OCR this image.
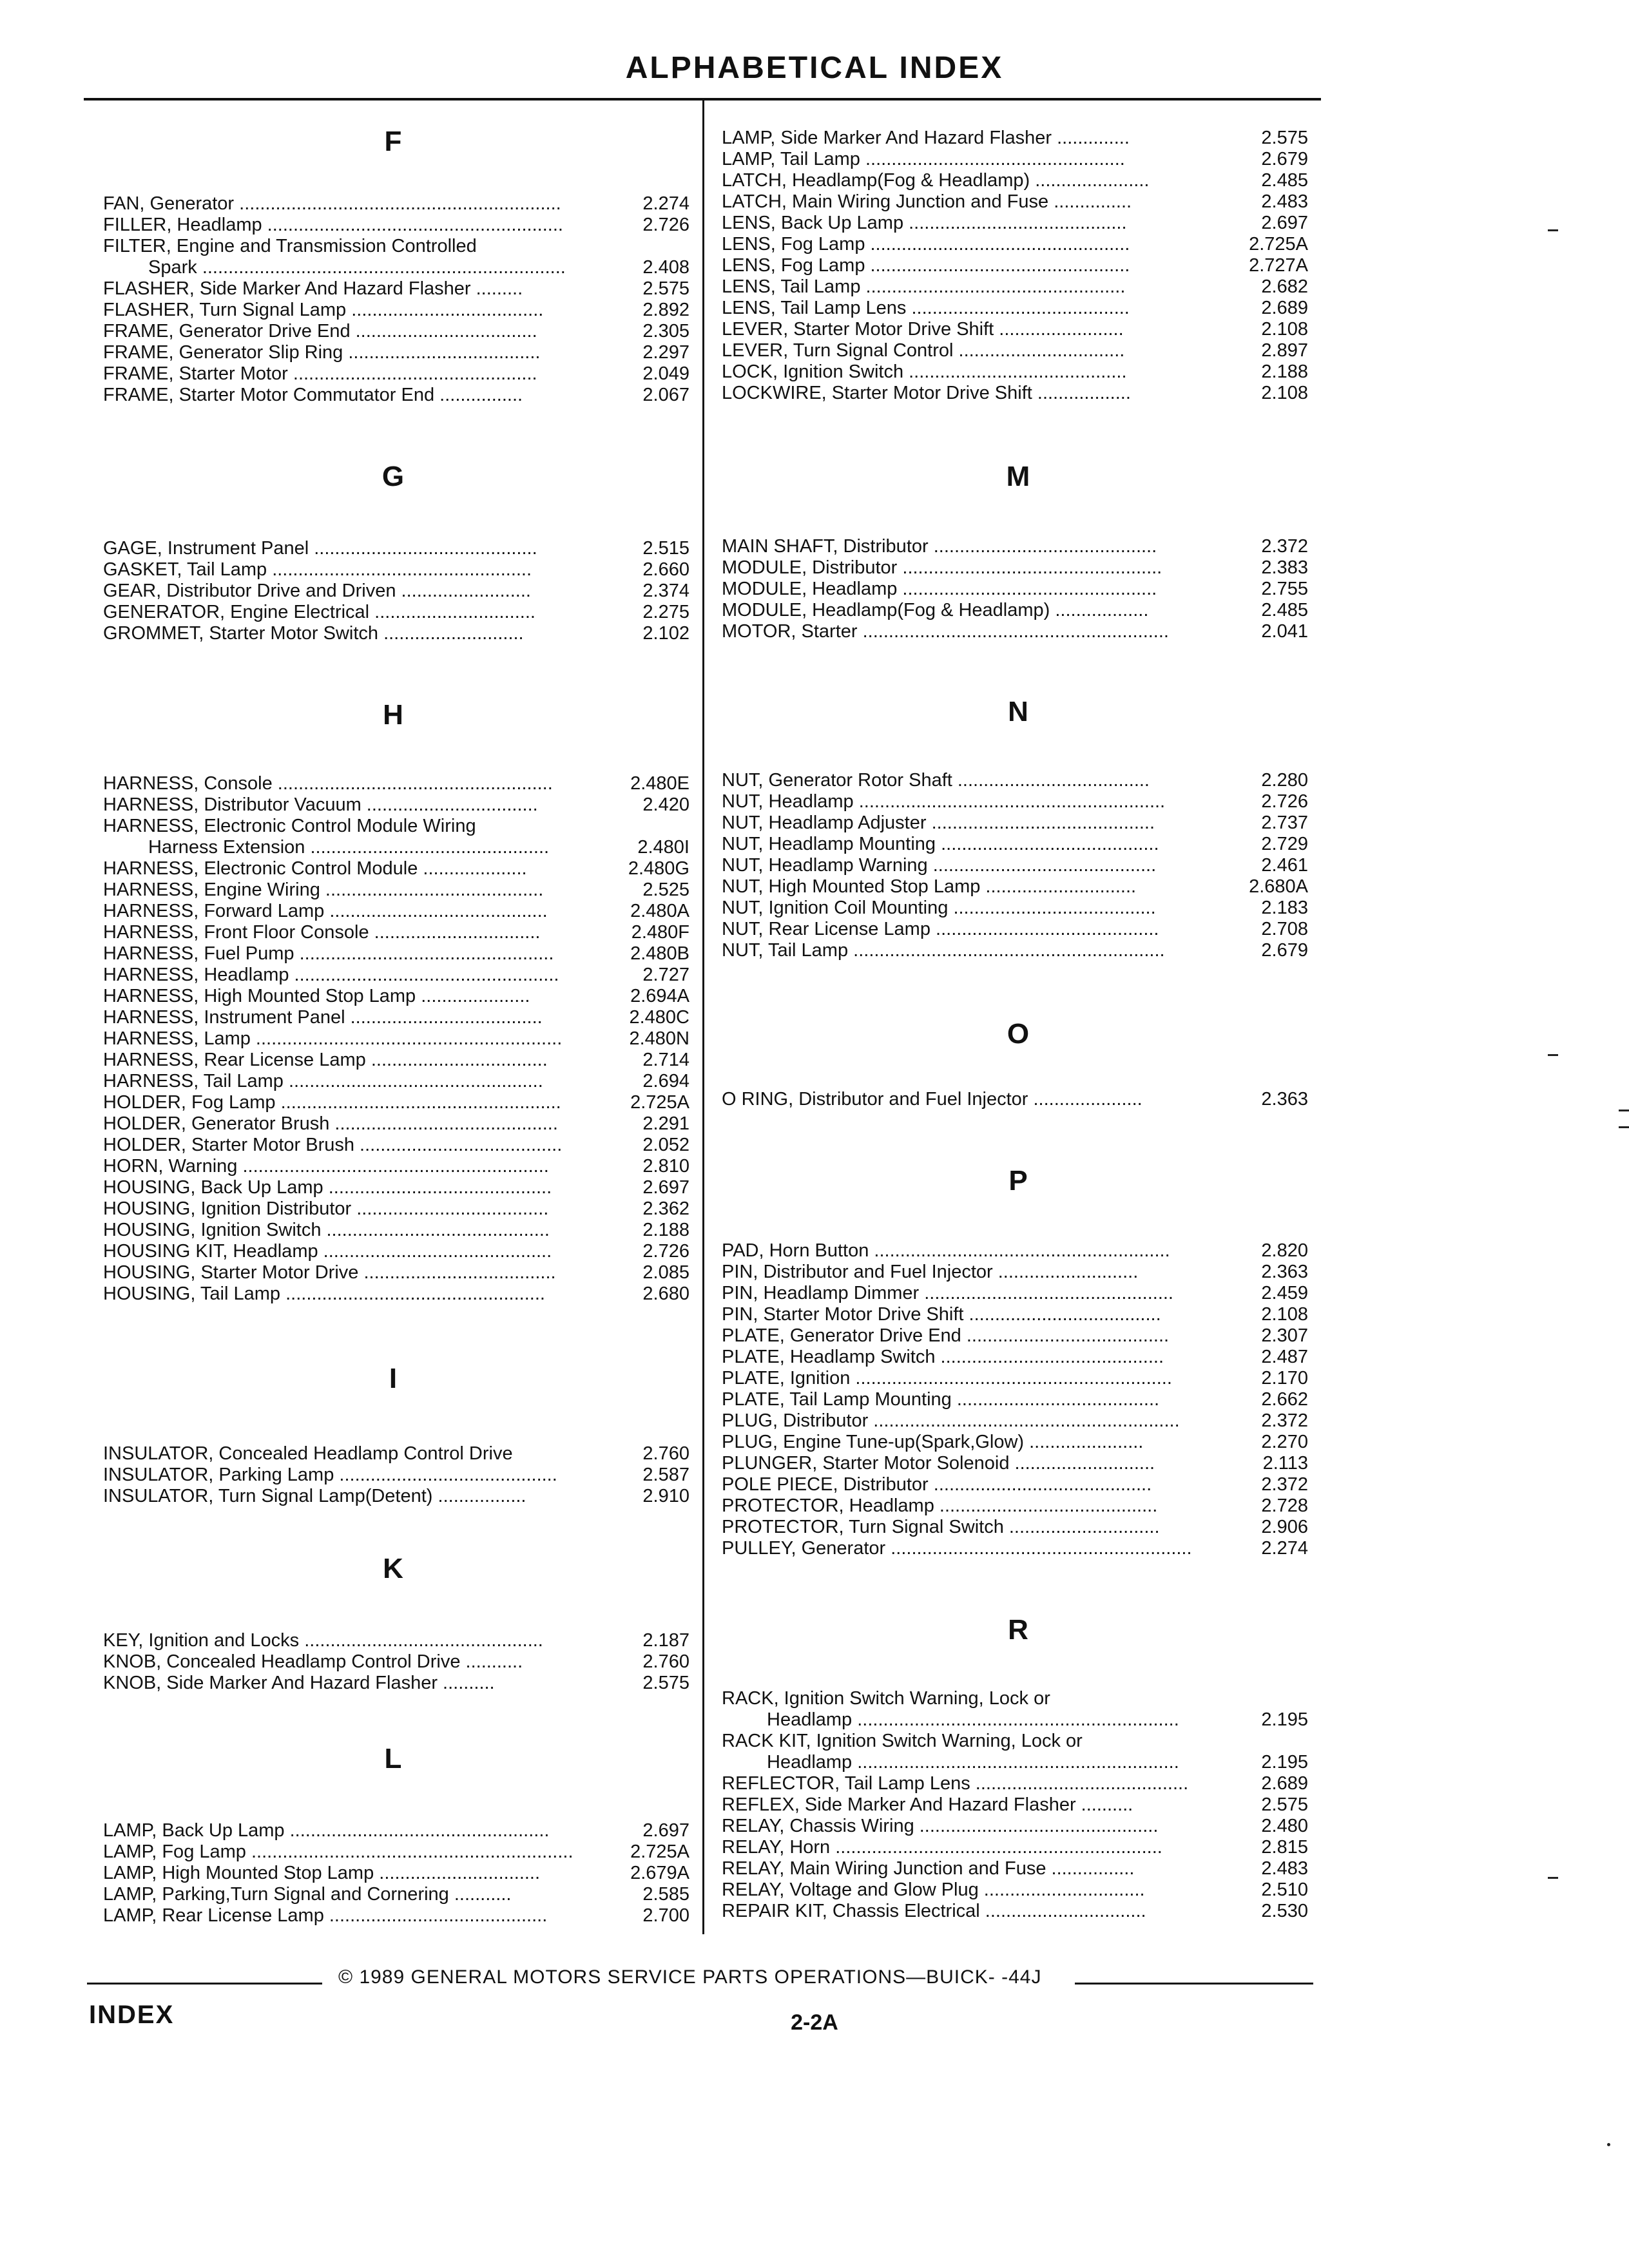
ALPHABETICAL INDEX
F
FAN, Generator ..............................................................	2.274
FILLER, Headlamp .........................................................	2.726
FILTER, Engine and Transmission Controlled
Spark ......................................................................	2.408
FLASHER, Side Marker And Hazard Flasher .........	2.575
FLASHER, Turn Signal Lamp .....................................	2.892
FRAME, Generator Drive End ...................................	2.305
FRAME, Generator Slip Ring .....................................	2.297
FRAME, Starter Motor ...............................................	2.049
FRAME, Starter Motor Commutator End ................	2.067
G
GAGE, Instrument Panel ...........................................	2.515
GASKET, Tail Lamp ..................................................	2.660
GEAR, Distributor Drive and Driven .........................	2.374
GENERATOR, Engine Electrical ...............................	2.275
GROMMET, Starter Motor Switch ...........................	2.102
H
HARNESS, Console .....................................................	2.480E
HARNESS, Distributor Vacuum .................................	2.420
HARNESS, Electronic Control Module Wiring
Harness Extension ..............................................	2.480I
HARNESS, Electronic Control Module ....................	2.480G
HARNESS, Engine Wiring ..........................................	2.525
HARNESS, Forward Lamp ..........................................	2.480A
HARNESS, Front Floor Console ................................	2.480F
HARNESS, Fuel Pump .................................................	2.480B
HARNESS, Headlamp ...................................................	2.727
HARNESS, High Mounted Stop Lamp .....................	2.694A
HARNESS, Instrument Panel .....................................	2.480C
HARNESS, Lamp ...........................................................	2.480N
HARNESS, Rear License Lamp ..................................	2.714
HARNESS, Tail Lamp .................................................	2.694
HOLDER, Fog Lamp ......................................................	2.725A
HOLDER, Generator Brush ...........................................	2.291
HOLDER, Starter Motor Brush .......................................	2.052
HORN, Warning ...........................................................	2.810
HOUSING, Back Up Lamp ...........................................	2.697
HOUSING, Ignition Distributor .....................................	2.362
HOUSING, Ignition Switch ...........................................	2.188
HOUSING KIT, Headlamp ............................................	2.726
HOUSING, Starter Motor Drive .....................................	2.085
HOUSING, Tail Lamp ..................................................	2.680
I
INSULATOR, Concealed Headlamp Control Drive	2.760
INSULATOR, Parking Lamp ..........................................	2.587
INSULATOR, Turn Signal Lamp(Detent) .................	2.910
K
KEY, Ignition and Locks ..............................................	2.187
KNOB, Concealed Headlamp Control Drive ...........	2.760
KNOB, Side Marker And Hazard Flasher ..........	2.575
L
LAMP, Back Up Lamp ..................................................	2.697
LAMP, Fog Lamp ..............................................................	2.725A
LAMP, High Mounted Stop Lamp ...............................	2.679A
LAMP, Parking,Turn Signal and Cornering ...........	2.585
LAMP, Rear License Lamp ..........................................	2.700
LAMP, Side Marker And Hazard Flasher ..............	2.575
LAMP, Tail Lamp ..................................................	2.679
LATCH, Headlamp(Fog & Headlamp) ......................	2.485
LATCH, Main Wiring Junction and Fuse ...............	2.483
LENS, Back Up Lamp ..........................................	2.697
LENS, Fog Lamp ..................................................	2.725A
LENS, Fog Lamp ..................................................	2.727A
LENS, Tail Lamp ..................................................	2.682
LENS, Tail Lamp Lens ..........................................	2.689
LEVER, Starter Motor Drive Shift ........................	2.108
LEVER, Turn Signal Control ................................	2.897
LOCK, Ignition Switch ..........................................	2.188
LOCKWIRE, Starter Motor Drive Shift ..................	2.108
M
MAIN SHAFT, Distributor ...........................................	2.372
MODULE, Distributor ..................................................	2.383
MODULE, Headlamp .................................................	2.755
MODULE, Headlamp(Fog & Headlamp) ..................	2.485
MOTOR, Starter ...........................................................	2.041
N
NUT, Generator Rotor Shaft .....................................	2.280
NUT, Headlamp ...........................................................	2.726
NUT, Headlamp Adjuster ...........................................	2.737
NUT, Headlamp Mounting ..........................................	2.729
NUT, Headlamp Warning ...........................................	2.461
NUT, High Mounted Stop Lamp .............................	2.680A
NUT, Ignition Coil Mounting .......................................	2.183
NUT, Rear License Lamp ...........................................	2.708
NUT, Tail Lamp ............................................................	2.679
O
O RING, Distributor and Fuel Injector .....................	2.363
P
PAD, Horn Button .........................................................	2.820
PIN, Distributor and Fuel Injector ...........................	2.363
PIN, Headlamp Dimmer ................................................	2.459
PIN, Starter Motor Drive Shift .....................................	2.108
PLATE, Generator Drive End .......................................	2.307
PLATE, Headlamp Switch ...........................................	2.487
PLATE, Ignition .............................................................	2.170
PLATE, Tail Lamp Mounting .......................................	2.662
PLUG, Distributor ...........................................................	2.372
PLUG, Engine Tune-up(Spark,Glow) ......................	2.270
PLUNGER, Starter Motor Solenoid ...........................	2.113
POLE PIECE, Distributor ..........................................	2.372
PROTECTOR, Headlamp ..........................................	2.728
PROTECTOR, Turn Signal Switch .............................	2.906
PULLEY, Generator ..........................................................	2.274
R
RACK, Ignition Switch Warning, Lock or
Headlamp ..............................................................	2.195
RACK KIT, Ignition Switch Warning, Lock or
Headlamp ..............................................................	2.195
REFLECTOR, Tail Lamp Lens .........................................	2.689
REFLEX, Side Marker And Hazard Flasher ..........	2.575
RELAY, Chassis Wiring ..............................................	2.480
RELAY, Horn ...............................................................	2.815
RELAY, Main Wiring Junction and Fuse ................	2.483
RELAY, Voltage and Glow Plug ...............................	2.510
REPAIR KIT, Chassis Electrical ...............................	2.530
© 1989 GENERAL MOTORS SERVICE PARTS OPERATIONS—BUICK- -44J
INDEX	2-2A
